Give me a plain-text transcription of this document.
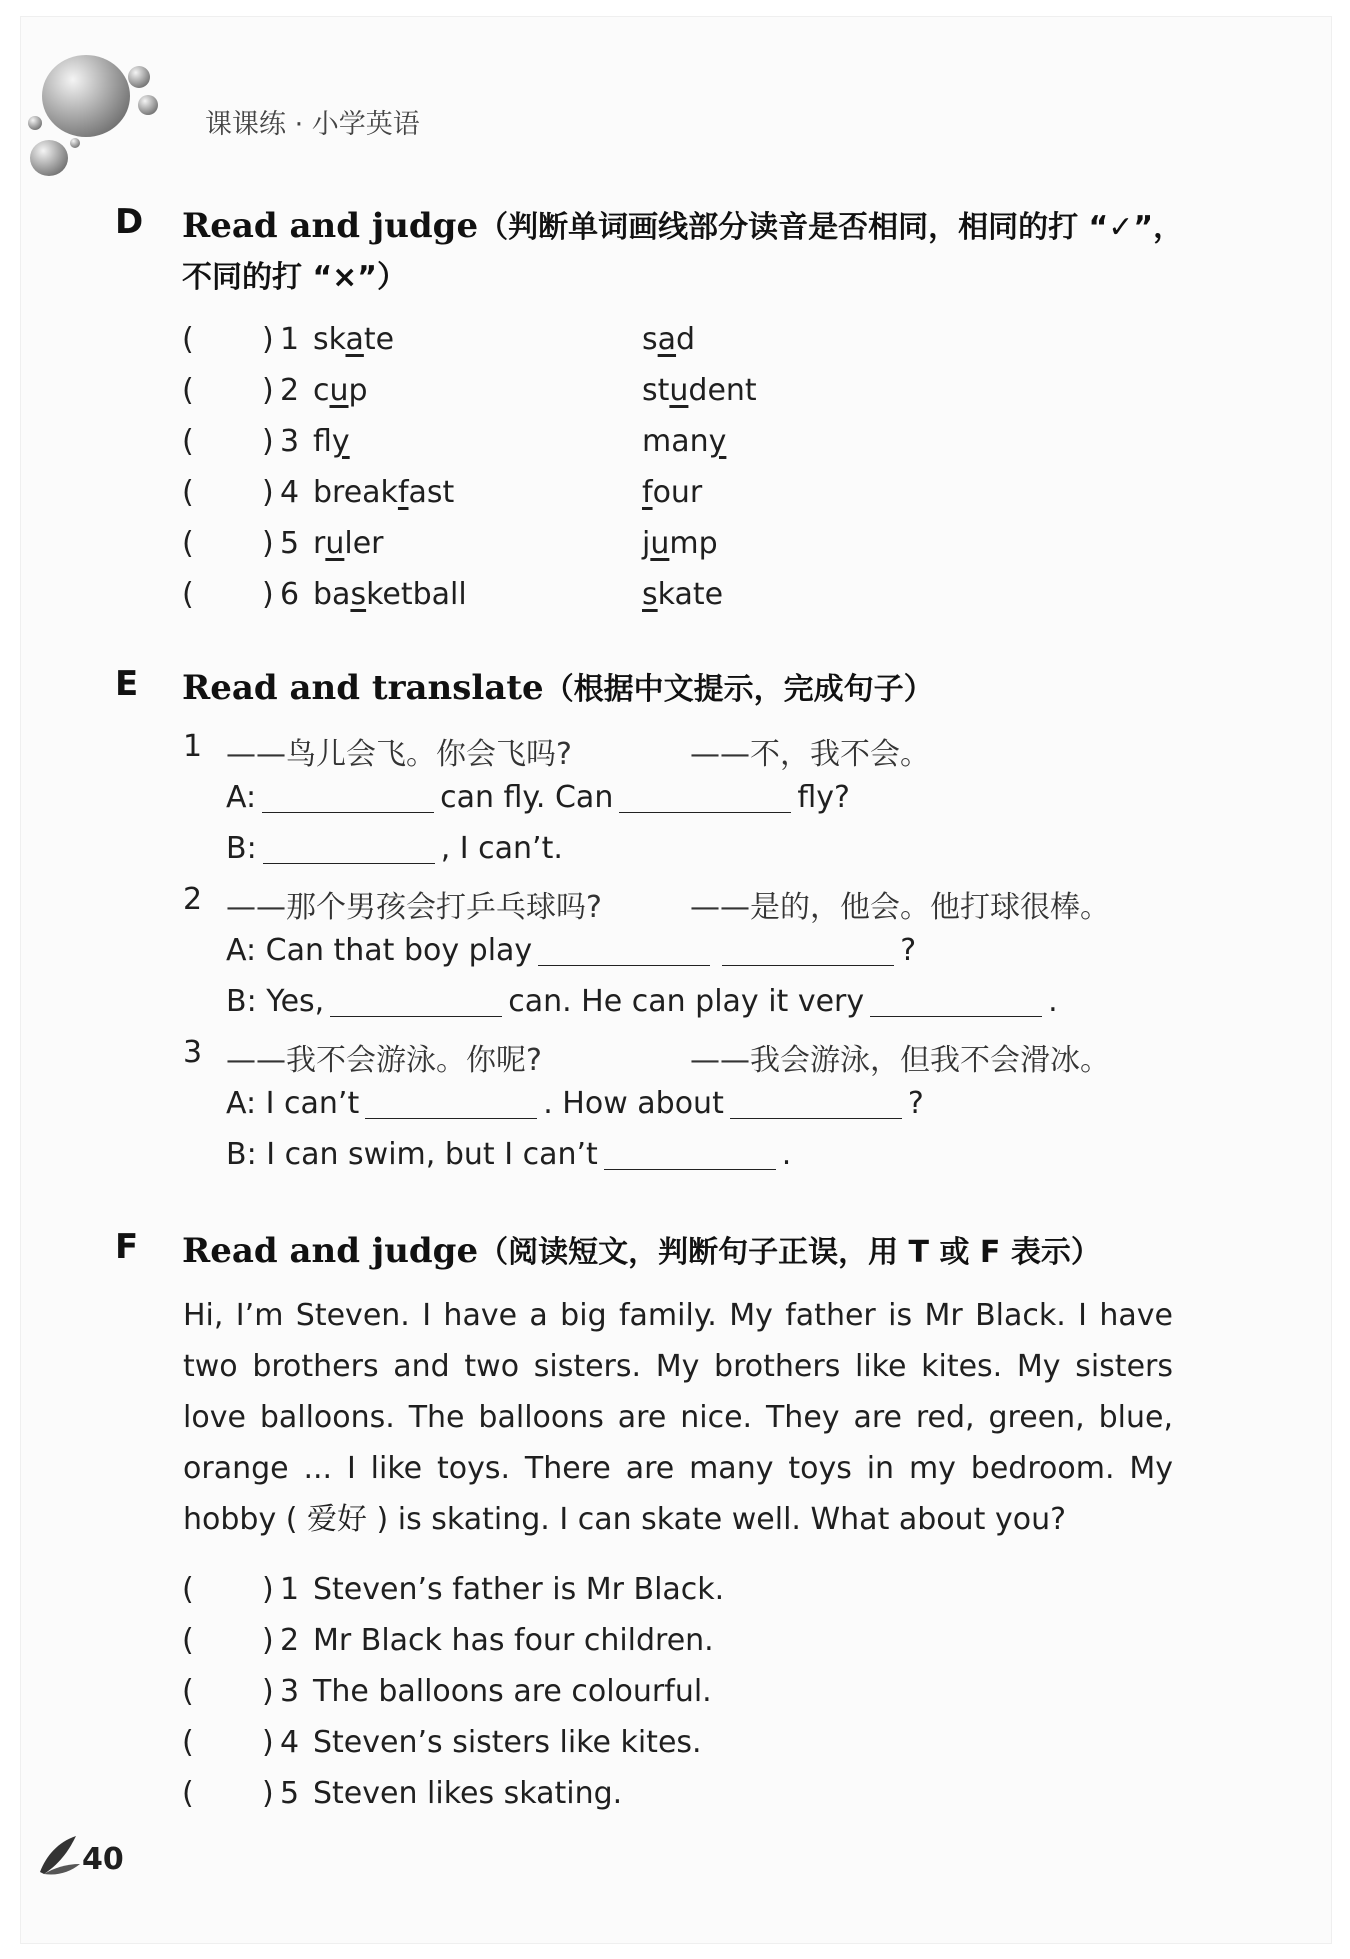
课课练 · 小学英语
D Read and judge（判断单词画线部分读音是否相同，相同的打 “✓”，
不同的打 “×”）
( ) 1 skate	sad
( ) 2 cup	student
( ) 3 fly	many
( ) 4 breakfast	four
( ) 5 ruler	jump
( ) 6 basketball	skate
E Read and translate（根据中文提示，完成句子）
1 ——鸟儿会飞。你会飞吗?	——不，我不会。
A:	can fly. Can	fly?
B:	, I can’t.
2 ——那个男孩会打乒乓球吗?	——是的，他会。他打球很棒。
A: Can that boy play	?
B: Yes,	can. He can play it very	.
3 ——我不会游泳。你呢?	——我会游泳，但我不会滑冰。
A: I can’t	. How about	?
B: I can swim, but I can’t	.
F Read and judge（阅读短文，判断句子正误，用 T 或 F 表示）
Hi, I’m Steven. I have a big family. My father is Mr Black. I have two brothers and two sisters. My brothers like kites. My sisters love balloons. The balloons are nice. They are red, green, blue, orange ... I like toys. There are many toys in my bedroom. My hobby ( 爱好 ) is skating. I can skate well. What about you?
( ) 1 Steven’s father is Mr Black.
( ) 2 Mr Black has four children.
( ) 3 The balloons are colourful.
( ) 4 Steven’s sisters like kites.
( ) 5 Steven likes skating.
40
